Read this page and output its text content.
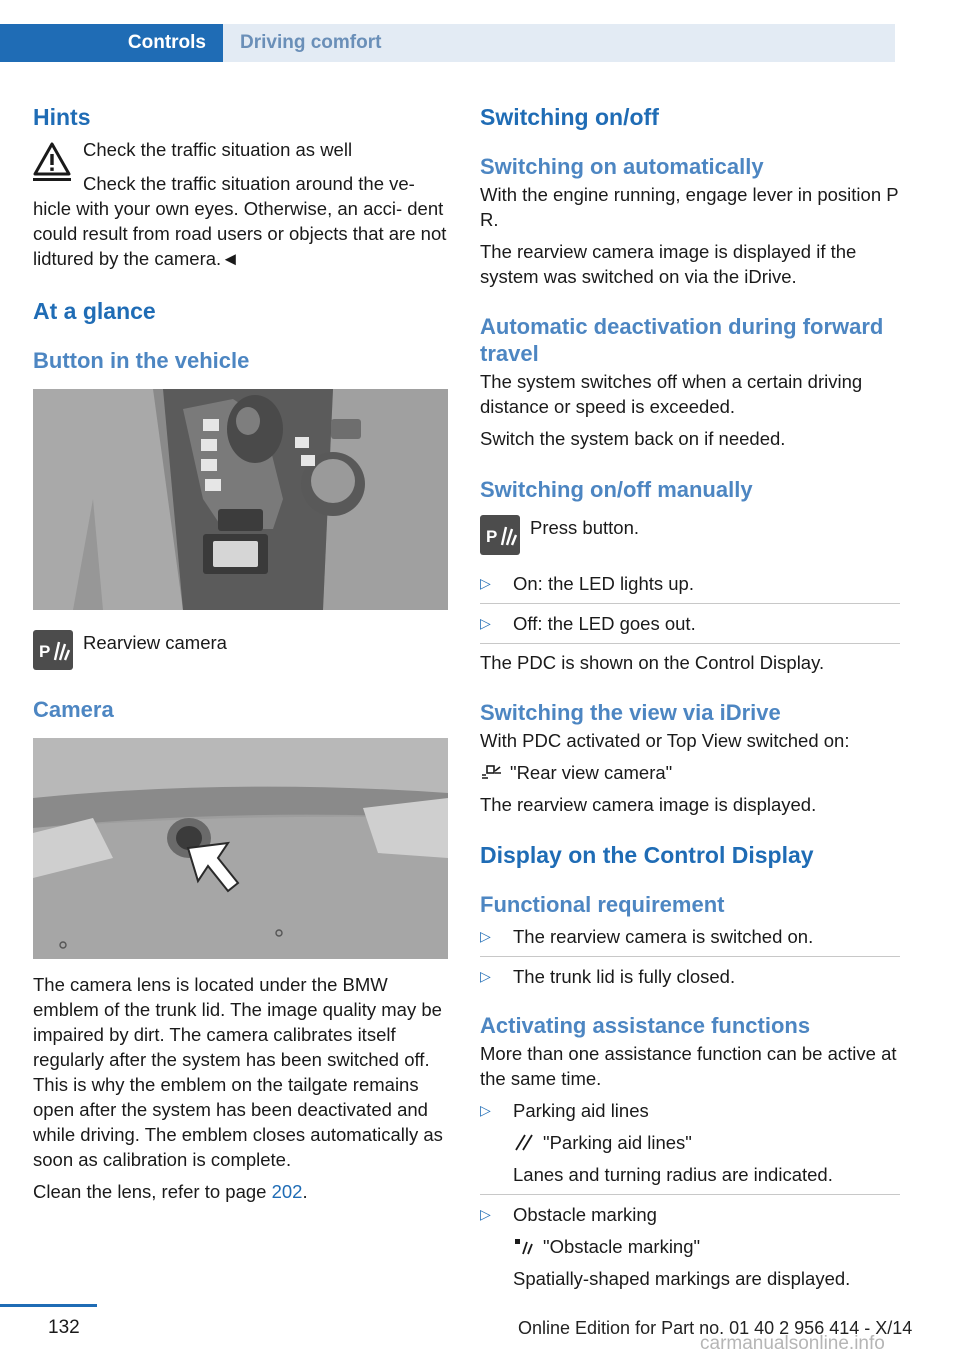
Controls	Driving comfort
Hints

Check the traffic situation as well

Check the traffic situation around the ve‐

hicle with your own eyes. Otherwise, an acci‐ dent could result from road users or objects that are not lidtured by the camera.◄

At a glance
Button in the vehicle
P Rearview camera
Camera

The camera lens is located under the BMW emblem of the trunk lid. The image quality may be impaired by dirt. The camera calibrates itself regularly after the system has been switched off. This is why the emblem on the tailgate remains open after the system has been deactivated and while driving. The emblem closes automatically as soon as calibration is complete.

Clean the lens, refer to page 202.

Switching on/off
Switching on automatically

With the engine running, engage lever in position P R.

The rearview camera image is displayed if the system was switched on via the iDrive.

Automatic deactivation during forward travel

The system switches off when a certain driving distance or speed is exceeded.

Switch the system back on if needed.

Switching on/off manually
P Press button.
▷ On: the LED lights up.
▷ Off: the LED goes out.

The PDC is shown on the Control Display.

Switching the view via iDrive

With PDC activated or Top View switched on:

"Rear view camera"

The rearview camera image is displayed.

Display on the Control Display
Functional requirement
▷ The rearview camera is switched on.
▷ The trunk lid is fully closed.
Activating assistance functions

More than one assistance function can be active at the same time.

▷ Parking aid lines
"Parking aid lines"
Lanes and turning radius are indicated.
▷ Obstacle marking
"Obstacle marking"
Spatially-shaped markings are displayed.
132	Online Edition for Part no. 01 40 2 956 414 - X/14
carmanualsonline.info
